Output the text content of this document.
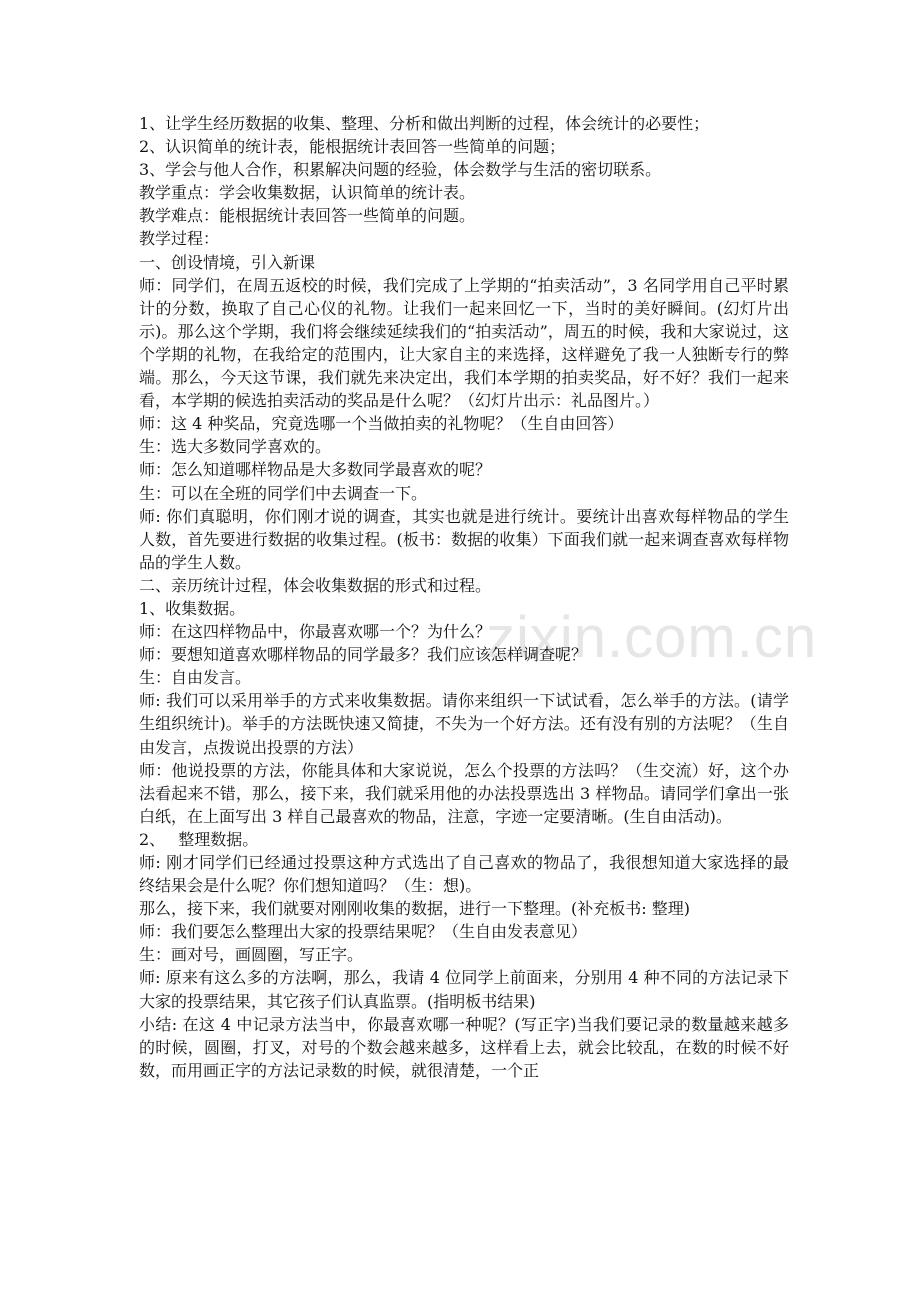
zixin.com.cn

1、让学生经历数据的收集、整理、分析和做出判断的过程，体会统计的必要性；

2、认识简单的统计表，能根据统计表回答一些简单的问题；

3、学会与他人合作，积累解决问题的经验，体会数学与生活的密切联系。

教学重点：学会收集数据，认识简单的统计表。

教学难点：能根据统计表回答一些简单的问题。

教学过程：

一、创设情境，引入新课

师：同学们，在周五返校的时候，我们完成了上学期的“拍卖活动”，3 名同学用自己平时累计的分数，换取了自己心仪的礼物。让我们一起来回忆一下，当时的美好瞬间。(幻灯片出示)。那么这个学期，我们将会继续延续我们的“拍卖活动”，周五的时候，我和大家说过，这个学期的礼物，在我给定的范围内，让大家自主的来选择，这样避免了我一人独断专行的弊端。那么，今天这节课，我们就先来决定出，我们本学期的拍卖奖品，好不好？我们一起来看，本学期的候选拍卖活动的奖品是什么呢？（幻灯片出示：礼品图片。）

师：这 4 种奖品，究竟选哪一个当做拍卖的礼物呢？（生自由回答）

生：选大多数同学喜欢的。

师：怎么知道哪样物品是大多数同学最喜欢的呢？

生：可以在全班的同学们中去调查一下。

师: 你们真聪明，你们刚才说的调查，其实也就是进行统计。要统计出喜欢每样物品的学生人数，首先要进行数据的收集过程。(板书：数据的收集）下面我们就一起来调查喜欢每样物品的学生人数。

二、亲历统计过程，体会收集数据的形式和过程。

1、收集数据。

师：在这四样物品中，你最喜欢哪一个？为什么？

师：要想知道喜欢哪样物品的同学最多？我们应该怎样调查呢？

生：自由发言。

师: 我们可以采用举手的方式来收集数据。请你来组织一下试试看，怎么举手的方法。(请学生组织统计)。举手的方法既快速又简捷，不失为一个好方法。还有没有别的方法呢？（生自由发言，点拨说出投票的方法）

师：他说投票的方法，你能具体和大家说说，怎么个投票的方法吗？（生交流）好，这个办法看起来不错，那么，接下来，我们就采用他的办法投票选出 3 样物品。请同学们拿出一张白纸，在上面写出 3 样自己最喜欢的物品，注意，字迹一定要清晰。(生自由活动)。

2、　 整理数据。

师: 刚才同学们已经通过投票这种方式选出了自己喜欢的物品了，我很想知道大家选择的最终结果会是什么呢？你们想知道吗？（生：想)。

那么，接下来，我们就要对刚刚收集的数据，进行一下整理。(补充板书: 整理)

师：我们要怎么整理出大家的投票结果呢？（生自由发表意见）

生：画对号，画圆圈，写正字。

师: 原来有这么多的方法啊，那么，我请 4 位同学上前面来，分别用 4 种不同的方法记录下大家的投票结果，其它孩子们认真监票。(指明板书结果)

小结: 在这 4 中记录方法当中，你最喜欢哪一种呢？(写正字)当我们要记录的数量越来越多的时候，圆圈，打叉，对号的个数会越来越多，这样看上去，就会比较乱，在数的时候不好数，而用画正字的方法记录数的时候，就很清楚，一个正
